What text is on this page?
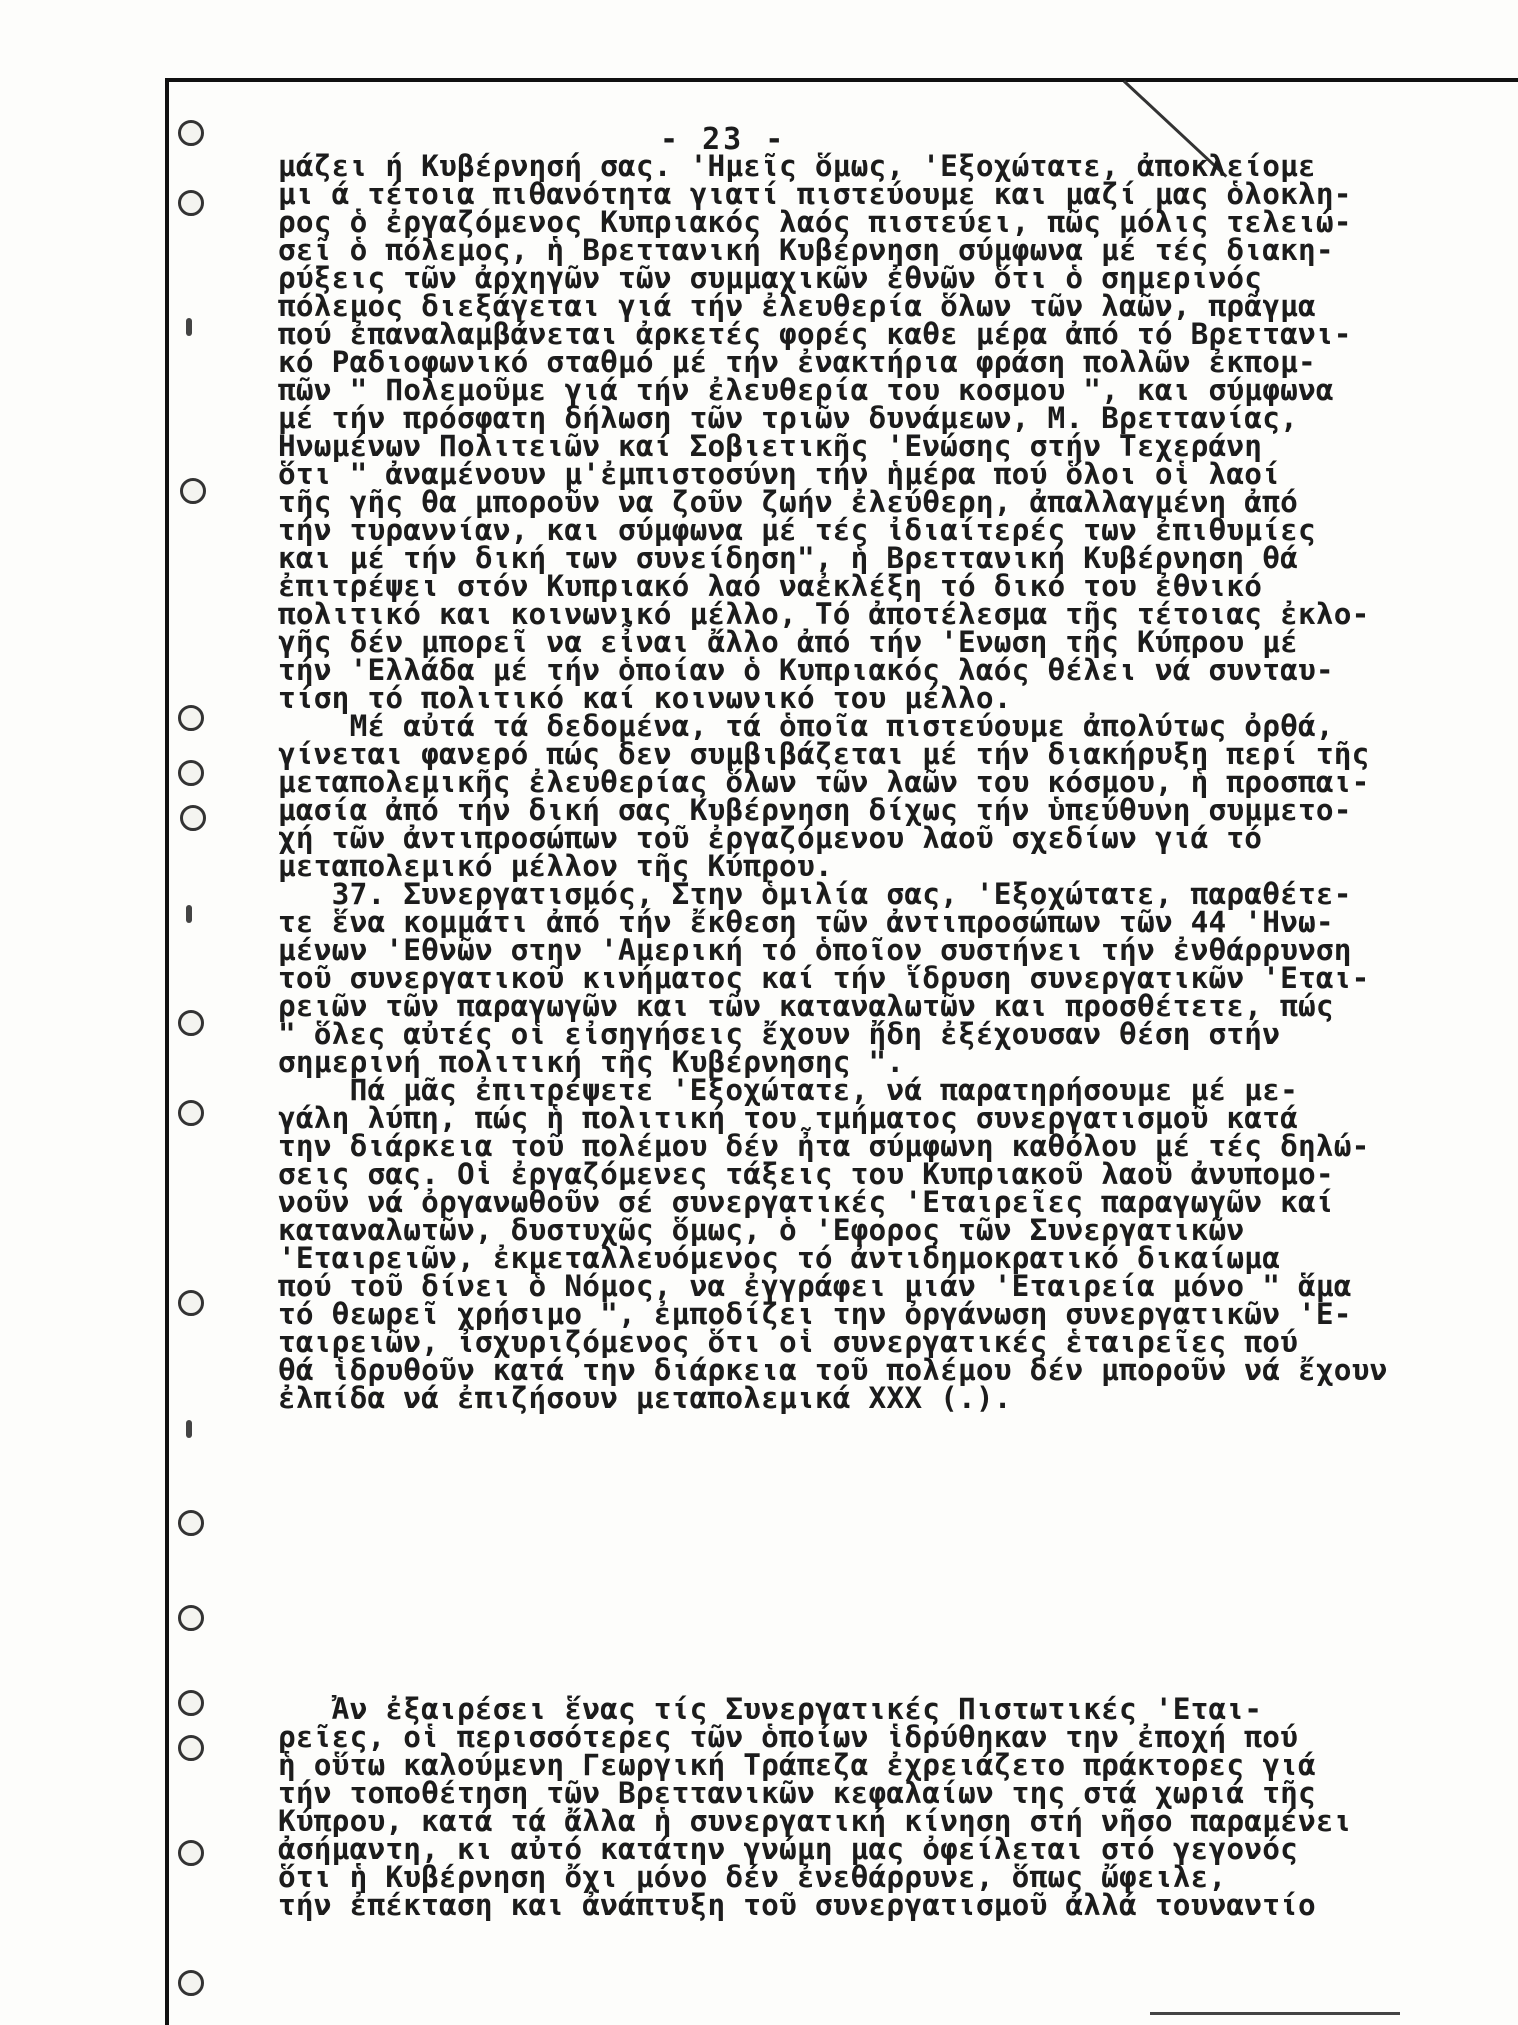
- 23 -
μάζει ή Κυβέρνησή σας. 'Ημεῖς ὅμως, 'Εξοχώτατε, ἀποκλείομε
μι ά τέτοια πιθανότητα γιατί πιστεύουμε και μαζί μας ὁλοκλη-
ρος ὁ ἐργαζόμενος Κυπριακός λαός πιστεύει, πῶς μόλις τελειώ-
σεῖ ὁ πόλεμος, ἡ Βρεττανική Κυβέρνηση σύμφωνα μέ τές διακη-
ρύξεις τῶν ἀρχηγῶν τῶν συμμαχικῶν ἐθνῶν ὅτι ὁ σημερινός
πόλεμος διεξάγεται γιά τήν ἐλευθερία ὅλων τῶν λαῶν, πρᾶγμα
πού ἐπαναλαμβάνεται ἀρκετές φορές καθε μέρα ἀπό τό Βρεττανι-
κό Ραδιοφωνικό σταθμό μέ τήν ἐνακτήρια φράση πολλῶν ἐκπομ-
πῶν " Πολεμοῦμε γιά τήν ἐλευθερία του κοσμου ", και σύμφωνα
μέ τήν πρόσφατη δήλωση τῶν τριῶν δυνάμεων, Μ. Βρεττανίας,
Ηνωμένων Πολιτειῶν καί Σοβιετικῆς 'Ενώσης στήν Τεχεράνη
ὅτι " ἀναμένουν μ'ἐμπιστοσύνη τήν ἡμέρα πού ὅλοι οἱ λαοί
τῆς γῆς θα μποροῦν να ζοῦν ζωήν ἐλεύθερη, ἀπαλλαγμένη ἀπό
τήν τυραννίαν, και σύμφωνα μέ τές ἰδιαίτερές των ἐπιθυμίες
και μέ τήν δική των συνείδηση", ἡ Βρεττανική Κυβέρνηση θά
ἐπιτρέψει στόν Κυπριακό λαό ναἐκλέξη τό δικό του ἐθνικό
πολιτικό και κοινωνικό μέλλο, Τό ἀποτέλεσμα τῆς τέτοιας ἐκλο-
γῆς δέν μπορεῖ να εἶναι ἄλλο ἀπό τήν 'Ενωση τῆς Κύπρου μέ
τήν 'Ελλάδα μέ τήν ὁποίαν ὁ Κυπριακός λαός θέλει νά συνταυ-
τίση τό πολιτικό καί κοινωνικό του μέλλο.
Μέ αὐτά τά δεδομένα, τά ὁποῖα πιστεύουμε ἀπολύτως ὀρθά,
γίνεται φανερό πώς δεν συμβιβάζεται μέ τήν διακήρυξη περί τῆς
μεταπολεμικῆς ἐλευθερίας ὅλων τῶν λαῶν του κόσμου, ἡ προσπαι-
μασία ἀπό τήν δική σας Κυβέρνηση δίχως τήν ὑπεύθυνη συμμετο-
χή τῶν ἀντιπροσώπων τοῦ ἐργαζόμενου λαοῦ σχεδίων γιά τό
μεταπολεμικό μέλλον τῆς Κύπρου.
37. Συνεργατισμός, Στην ὁμιλία σας, 'Εξοχώτατε, παραθέτε-
τε ἕνα κομμάτι ἀπό τήν ἔκθεση τῶν ἀντιπροσώπων τῶν 44 'Ηνω-
μένων 'Εθνῶν στην 'Αμερική τό ὁποῖον συστήνει τήν ἐνθάρρυνση
τοῦ συνεργατικοῦ κινήματος καί τήν ἵδρυση συνεργατικῶν 'Εται-
ρειῶν τῶν παραγωγῶν και τῶν καταναλωτῶν και προσθέτετε, πώς
" ὅλες αὐτές οἱ εἰσηγήσεις ἔχουν ἤδη ἐξέχουσαν θέση στήν
σημερινή πολιτική τῆς Κυβέρνησης ".
Πά μᾶς ἐπιτρέψετε 'Εξοχώτατε, νά παρατηρήσουμε μέ με-
γάλη λύπη, πώς ἡ πολιτική του τμήματος συνεργατισμοῦ κατά
την διάρκεια τοῦ πολέμου δέν ἦτα σύμφωνη καθόλου μέ τές δηλώ-
σεις σας. Οἱ ἐργαζόμενες τάξεις του Κυπριακοῦ λαοῦ ἀνυπομο-
νοῦν νά ὀργανωθοῦν σέ συνεργατικές 'Εταιρεῖες παραγωγῶν καί
καταναλωτῶν, δυστυχῶς ὅμως, ὁ 'Εφορος τῶν Συνεργατικῶν
'Εταιρειῶν, ἐκμεταλλευόμενος τό ἀντιδημοκρατικό δικαίωμα
πού τοῦ δίνει ὁ Νόμος, να ἐγγράφει μιάν 'Εταιρεία μόνο " ἅμα
τό θεωρεῖ χρήσιμο ", ἐμποδίζει την ὀργάνωση συνεργατικῶν 'Ε-
ταιρειῶν, ἰσχυριζόμενος ὅτι οἱ συνεργατικές ἑταιρεῖες πού
θά ἱδρυθοῦν κατά την διάρκεια τοῦ πολέμου δέν μποροῦν νά ἔχουν
ἐλπίδα νά ἐπιζήσουν μεταπολεμικά ΧΧΧ (.).
Ἀν ἐξαιρέσει ἕνας τίς Συνεργατικές Πιστωτικές 'Εται-
ρεῖες, οἱ περισσότερες τῶν ὁποίων ἱδρύθηκαν την ἐποχή πού
ἡ οὕτω καλούμενη Γεωργική Τράπεζα ἐχρειάζετο πράκτορες γιά
τήν τοποθέτηση τῶν Βρεττανικῶν κεφαλαίων της στά χωριά τῆς
Κύπρου, κατά τά ἄλλα ἡ συνεργατική κίνηση στή νῆσο παραμένει
ἀσήμαντη, κι αὐτό κατάτην γνώμη μας ὀφείλεται στό γεγονός
ὅτι ἡ Κυβέρνηση ὄχι μόνο δέν ἐνεθάρρυνε, ὅπως ὤφειλε,
τήν ἐπέκταση και ἀνάπτυξη τοῦ συνεργατισμοῦ ἀλλά τουναντίο
